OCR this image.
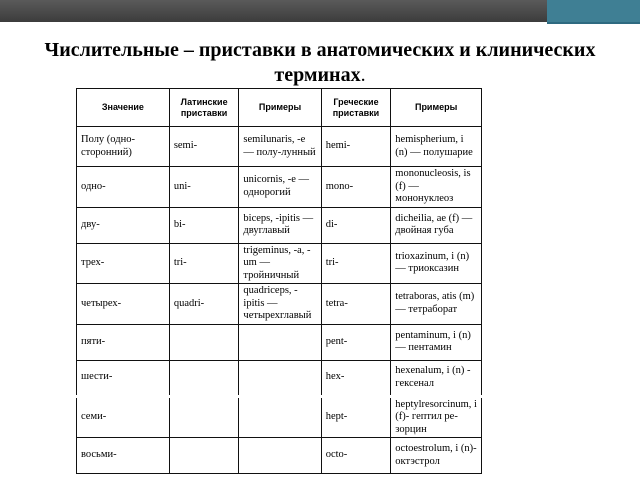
Числительные – приставки в анатомических и клинических
терминах.
Значение	Латинские приставки	Примеры	Греческие приставки	Примеры
Полу (одно-сторонний)	semi-	semilunaris, -e — полу-лунный	hemi-	hemispherium, i (n) — полушарие
одно-	uni-	unicornis, -e — однорогий	mono-	mononucleosis, is (f) — мононуклеоз
дву-	bi-	biceps, -ipitis — двуглавый	di-	dicheilia, ae (f) — двойная губа
трех-	tri-	trigeminus, -a, -um — тройничный	tri-	trioxazinum, i (n) — триоксазин
четырех-	quadri-	quadriceps, -ipitis — четырехглавый	tetra-	tetraboras, atis (m) — тетраборат
пяти-			pent-	pentaminum, i (n) — пентамин
шести-			hex-	hexenalum, i (n) - гексенал
семи-			hept-	heptylresorcinum, i (f)- гептил ре-зорцин
восьми-			octo-	octoestrolum, i (n)- октэстрол
